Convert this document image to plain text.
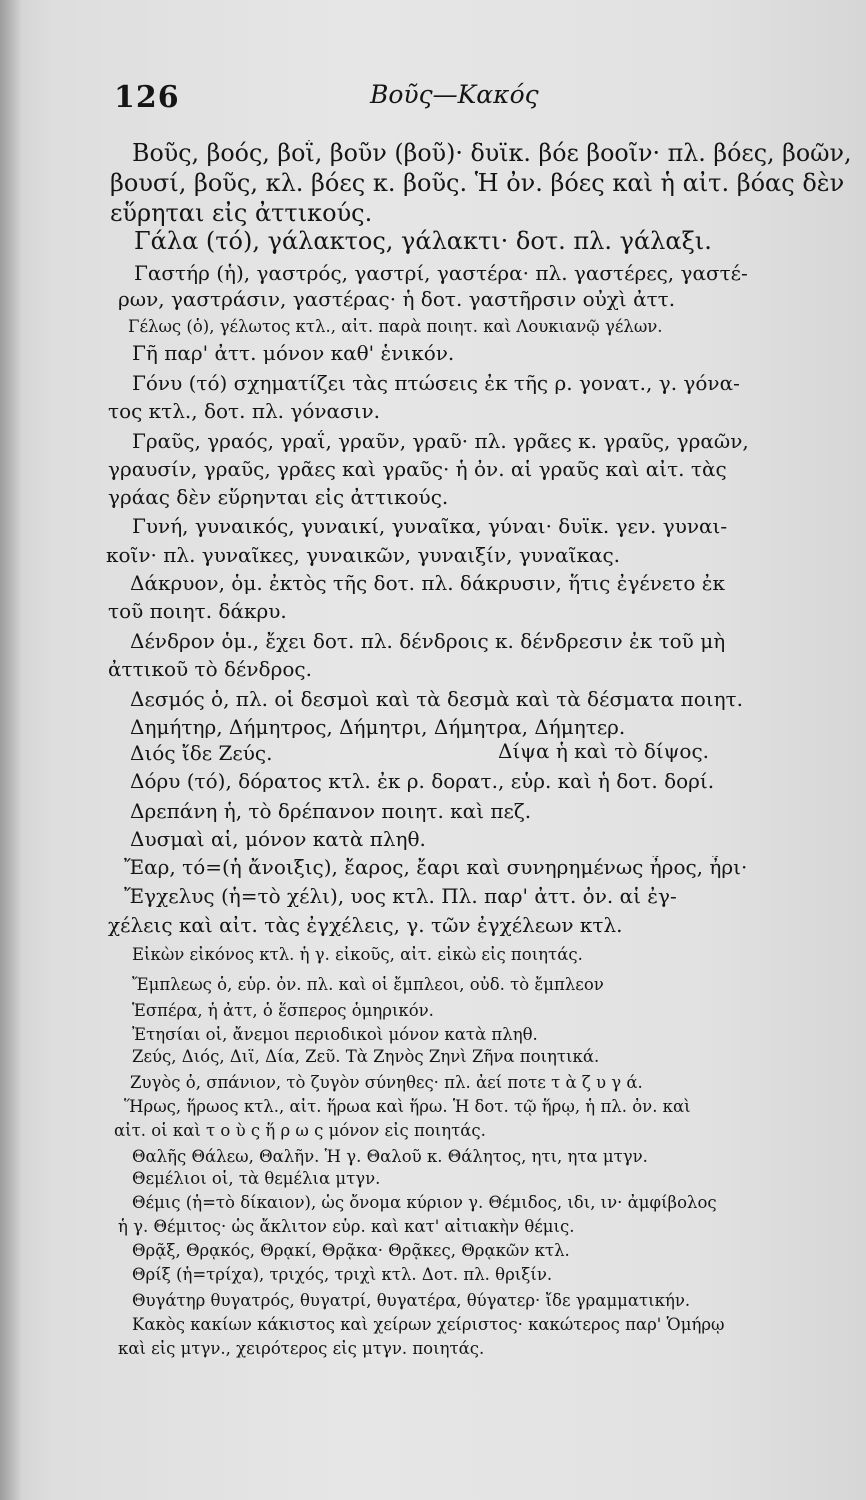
126	Βοῦς—Κακός
Βοῦς, βοός, βοΐ, βοῦν (βοῦ)· δυϊκ. βόε βοοῖν· πλ. βόες, βοῶν,
βουσί, βοῦς, κλ. βόες κ. βοῦς. Ἡ ὀν. βόες καὶ ἡ αἰτ. βόας δὲν
εὕρηται εἰς ἀττικούς.
Γάλα (τό), γάλακτος, γάλακτι· δοτ. πλ. γάλαξι.
Γαστήρ (ἡ), γαστρός, γαστρί, γαστέρα· πλ. γαστέρες, γαστέ-
ρων, γαστράσιν, γαστέρας· ἡ δοτ. γαστῆρσιν οὐχὶ ἀττ.
Γέλως (ὁ), γέλωτος κτλ., αἰτ. παρὰ ποιητ. καὶ Λουκιανῷ γέλων.
Γῆ παρ' ἀττ. μόνον καθ' ἑνικόν.
Γόνυ (τό) σχηματίζει τὰς πτώσεις ἐκ τῆς ρ. γονατ., γ. γόνα-
τος κτλ., δοτ. πλ. γόνασιν.
Γραῦς, γραός, γραΐ, γραῦν, γραῦ· πλ. γρᾶες κ. γραῦς, γραῶν,
γραυσίν, γραῦς, γρᾶες καὶ γραῦς· ἡ ὀν. αἱ γραῦς καὶ αἰτ. τὰς
γράας δὲν εὕρηνται εἰς ἀττικούς.
Γυνή, γυναικός, γυναικί, γυναῖκα, γύναι· δυϊκ. γεν. γυναι-
κοῖν· πλ. γυναῖκες, γυναικῶν, γυναιξίν, γυναῖκας.
Δάκρυον, ὁμ. ἐκτὸς τῆς δοτ. πλ. δάκρυσιν, ἥτις ἐγένετο ἐκ
τοῦ ποιητ. δάκρυ.
Δένδρον ὁμ., ἔχει δοτ. πλ. δένδροις κ. δένδρεσιν ἐκ τοῦ μὴ
ἀττικοῦ τὸ δένδρος.
Δεσμός ὁ, πλ. οἱ δεσμοὶ καὶ τὰ δεσμὰ καὶ τὰ δέσματα ποιητ.
Δημήτηρ, Δήμητρος, Δήμητρι, Δήμητρα, Δήμητερ.
Διός ἴδε Ζεύς.	Δίψα ἡ καὶ τὸ δίψος.
Δόρυ (τό), δόρατος κτλ. ἐκ ρ. δορατ., εὑρ. καὶ ἡ δοτ. δορί.
Δρεπάνη ἡ, τὸ δρέπανον ποιητ. καὶ πεζ.
Δυσμαὶ αἱ, μόνον κατὰ πληθ.
Ἔαρ, τό=(ἡ ἄνοιξις), ἔαρος, ἔαρι καὶ συνηρημένως ἦρος, ἦρι·
Ἔγχελυς (ἡ=τὸ χέλι), υος κτλ. Πλ. παρ' ἀττ. ὀν. αἱ ἐγ-
χέλεις καὶ αἰτ. τὰς ἐγχέλεις, γ. τῶν ἐγχέλεων κτλ.
Εἰκὼν εἰκόνος κτλ. ἡ γ. εἰκοῦς, αἰτ. εἰκὼ εἰς ποιητάς.
Ἔμπλεως ὁ, εὑρ. ὀν. πλ. καὶ οἱ ἔμπλεοι, οὐδ. τὸ ἔμπλεον
Ἑσπέρα, ἡ ἀττ, ὁ ἕσπερος ὁμηρικόν.
Ἐτησίαι οἱ, ἄνεμοι περιοδικοὶ μόνον κατὰ πληθ.
Ζεύς, Διός, Διΐ, Δία, Ζεῦ. Τὰ Ζηνὸς Ζηνὶ Ζῆνα ποιητικά.
Ζυγὸς ὁ, σπάνιον, τὸ ζυγὸν σύνηθες· πλ. ἀεί ποτε τ ὰ ζ υ γ ά.
Ἥρως, ἥρωος κτλ., αἰτ. ἥρωα καὶ ἥρω. Ἡ δοτ. τῷ ἥρῳ, ἡ πλ. ὀν. καὶ
αἰτ. οἱ καὶ τ ο ὺ ς ἥ ρ ω ς μόνον εἰς ποιητάς.
Θαλῆς Θάλεω, Θαλῆν. Ἡ γ. Θαλοῦ κ. Θάλητος, ητι, ητα μτγν.
Θεμέλιοι οἱ, τὰ θεμέλια μτγν.
Θέμις (ἡ=τὸ δίκαιον), ὡς ὄνομα κύριον γ. Θέμιδος, ιδι, ιν· ἀμφίβολος
ἡ γ. Θέμιτος· ὡς ἄκλιτον εὑρ. καὶ κατ' αἰτιακὴν θέμις.
Θρᾷξ, Θρᾳκός, Θρᾳκί, Θρᾷκα· Θρᾷκες, Θρᾳκῶν κτλ.
Θρίξ (ἡ=τρίχα), τριχός, τριχὶ κτλ. Δοτ. πλ. θριξίν.
Θυγάτηρ θυγατρός, θυγατρί, θυγατέρα, θύγατερ· ἴδε γραμματικήν.
Κακὸς κακίων κάκιστος καὶ χείρων χείριστος· κακώτερος παρ' Ὁμήρῳ
καὶ εἰς μτγν., χειρότερος εἰς μτγν. ποιητάς.
